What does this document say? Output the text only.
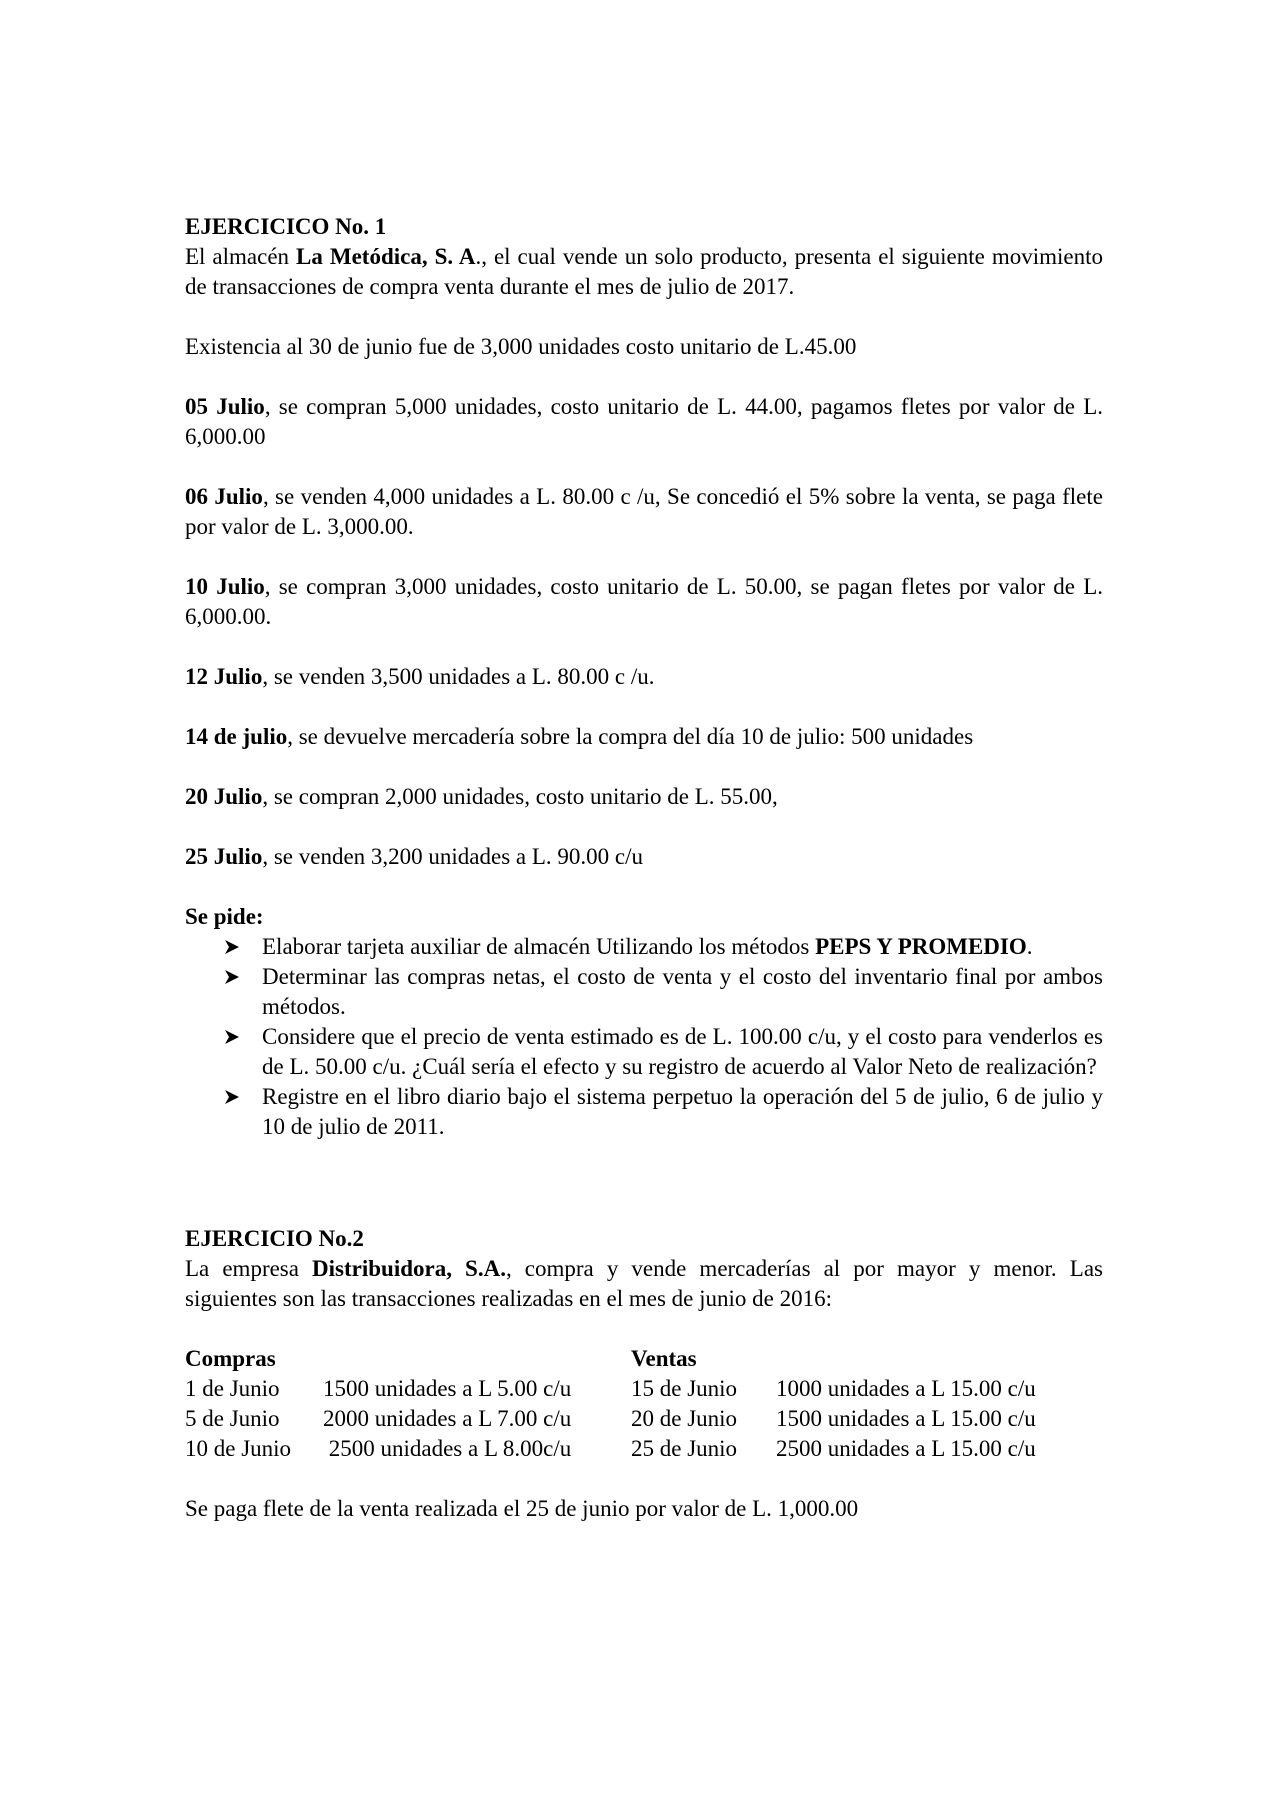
EJERCICICO No. 1

El almacén La Metódica, S. A., el cual vende un solo producto, presenta el siguiente movimiento de transacciones de compra venta durante el mes de julio de 2017.

Existencia al 30 de junio fue de 3,000 unidades costo unitario de L.45.00

05 Julio, se compran 5,000 unidades, costo unitario de L. 44.00, pagamos fletes por valor de L. 6,000.00

06 Julio, se venden 4,000 unidades a L. 80.00 c /u, Se concedió el 5% sobre la venta, se paga flete por valor de L. 3,000.00.

10 Julio, se compran 3,000 unidades, costo unitario de L. 50.00, se pagan fletes por valor de L. 6,000.00.

12 Julio, se venden 3,500 unidades a L. 80.00 c /u.

14 de julio, se devuelve mercadería sobre la compra del día 10 de julio: 500 unidades

20 Julio, se compran 2,000 unidades, costo unitario de L. 55.00,

25 Julio, se venden 3,200 unidades a L. 90.00 c/u

Se pide:

Elaborar tarjeta auxiliar de almacén Utilizando los métodos PEPS Y PROMEDIO.
Determinar las compras netas, el costo de venta y el costo del inventario final por ambos métodos.
Considere que el precio de venta estimado es de L. 100.00 c/u, y el costo para venderlos es de L. 50.00 c/u. ¿Cuál sería el efecto y su registro de acuerdo al Valor Neto de realización?
Registre en el libro diario bajo el sistema perpetuo la operación del 5 de julio, 6 de julio y 10 de julio de 2011.

EJERCICIO No.2

La empresa Distribuidora, S.A., compra y vende mercaderías al por mayor y menor. Las siguientes son las transacciones realizadas en el mes de junio de 2016:

Compras		Ventas	
1 de Junio	1500 unidades a L 5.00 c/u	15 de Junio	1000 unidades a L 15.00 c/u
5 de Junio	2000 unidades a L 7.00 c/u	20 de Junio	1500 unidades a L 15.00 c/u
10 de Junio	2500 unidades a L 8.00c/u	25 de Junio	2500 unidades a L 15.00 c/u

Se paga flete de la venta realizada el 25 de junio por valor de L. 1,000.00
